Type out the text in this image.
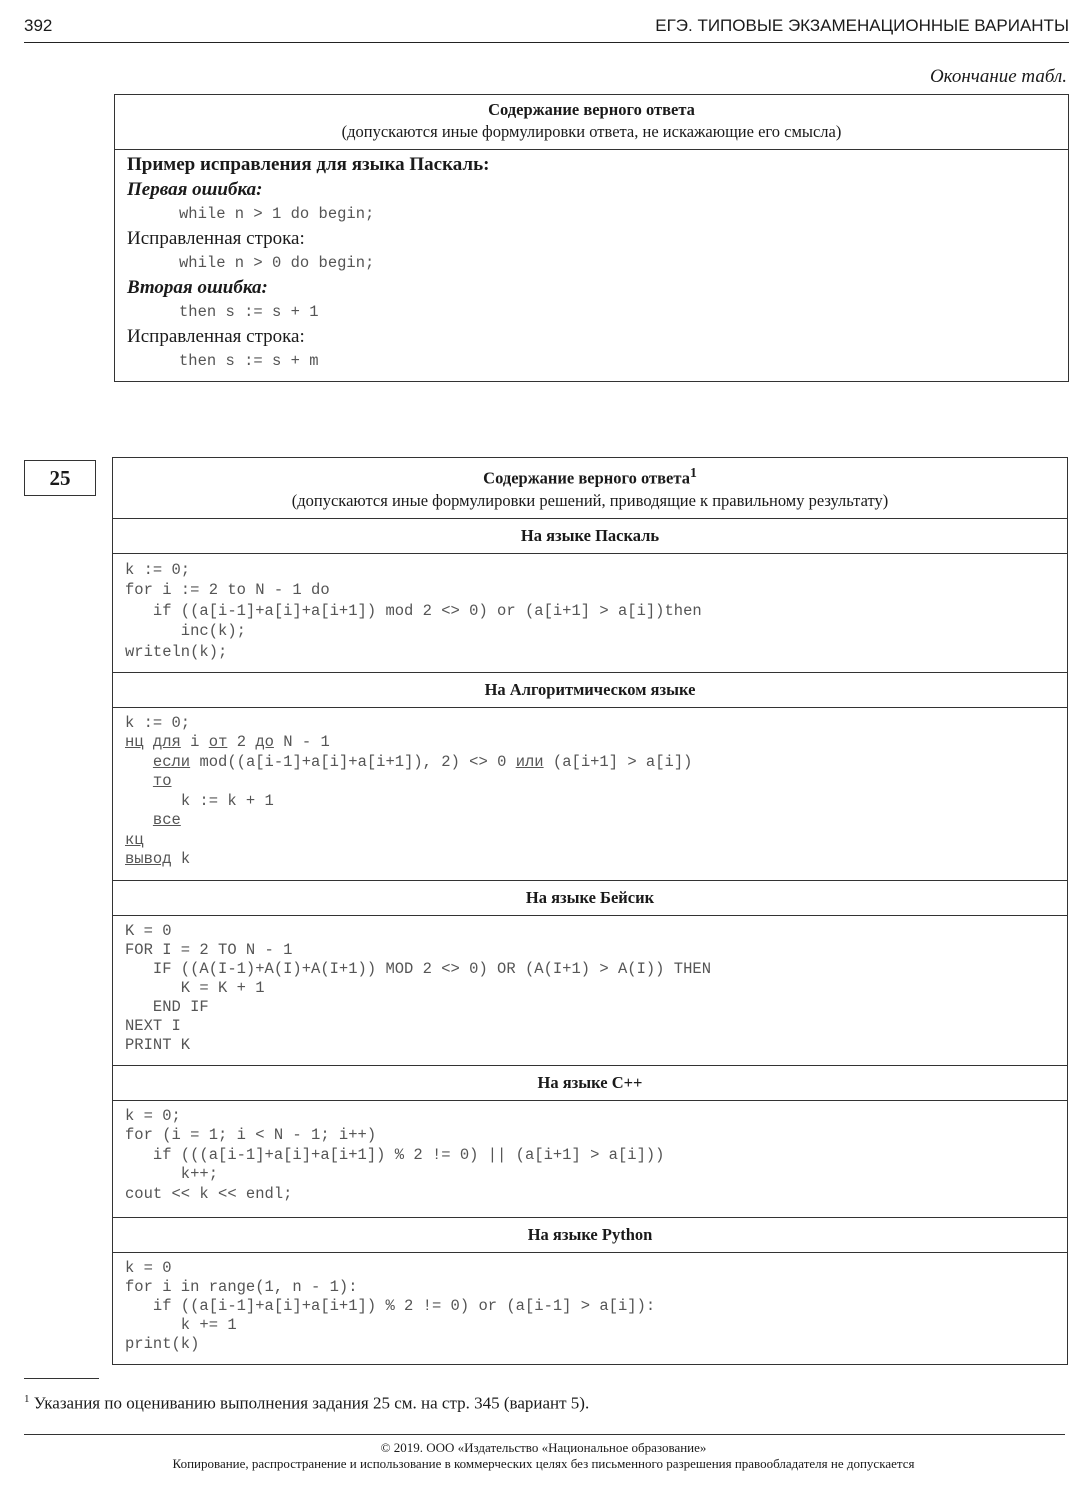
392	ЕГЭ. ТИПОВЫЕ ЭКЗАМЕНАЦИОННЫЕ ВАРИАНТЫ
Окончание табл.
Содержание верного ответа
(допускаются иные формулировки ответа, не искажающие его смысла)

Пример исправления для языка Паскаль:
Первая ошибка:
while n > 1 do begin;
Исправленная строка:
while n > 0 do begin;
Вторая ошибка:
then s := s + 1
Исправленная строка:
then s := s + m
25	Содержание верного ответа$^1$
(допускаются иные формулировки решений, приводящие к правильному результату)

На языке Паскаль

k := 0;
for i := 2 to N - 1 do
if ((a[i-1]+a[i]+a[i+1]) mod 2 <> 0) or (a[i+1] > a[i])then
inc(k);
writeln(k);

На Алгоритмическом языке

k := 0;
нц для i от 2 до N - 1
если mod((a[i-1]+a[i]+a[i+1]), 2) <> 0 или (a[i+1] > a[i])
то
k := k + 1
все
кц
вывод k

На языке Бейсик

K = 0
FOR I = 2 TO N - 1
IF ((A(I-1)+A(I)+A(I+1)) MOD 2 <> 0) OR (A(I+1) > A(I)) THEN
K = K + 1
END IF
NEXT I
PRINT K

На языке C++

k = 0;
for (i = 1; i < N - 1; i++)
if (((a[i-1]+a[i]+a[i+1]) % 2 != 0) || (a[i+1] > a[i]))
k++;
cout << k << endl;

На языке Python

k = 0
for i in range(1, n - 1):
if ((a[i-1]+a[i]+a[i+1]) % 2 != 0) or (a[i-1] > a[i]):
k += 1
print(k)
$^1$ Указания по оцениванию выполнения задания 25 см. на стр. 345 (вариант 5).
© 2019. ООО «Издательство «Национальное образование»
Копирование, распространение и использование в коммерческих целях без письменного разрешения правообладателя не допускается
